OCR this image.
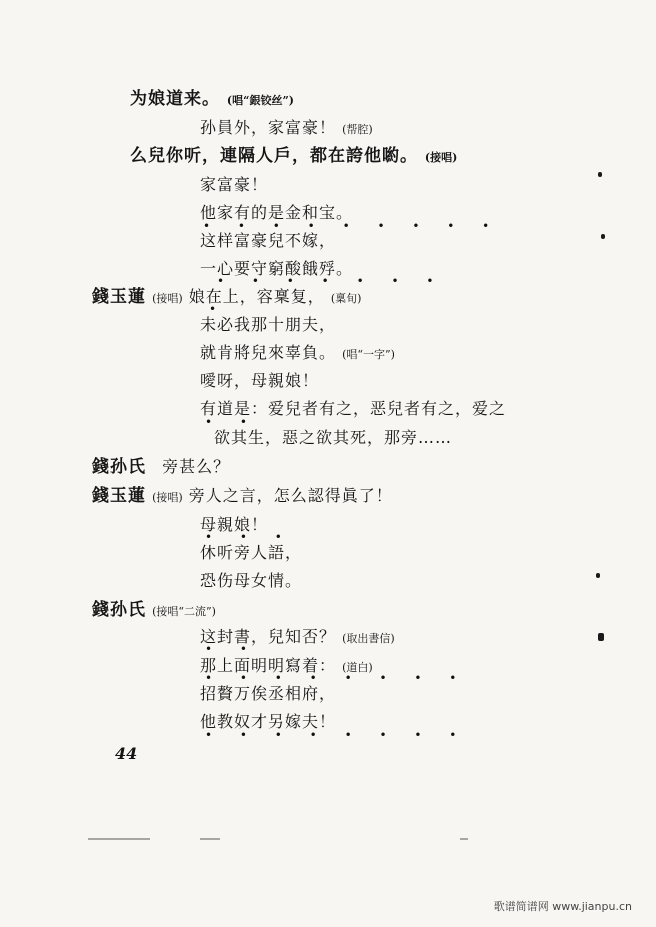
为娘道来。 (唱“銀铰丝”)
孙員外，家富豪！ (帮腔)
么兒你听，連隔人戶，都在誇他喲。 (接唱)
家富豪！
他家有的是金和宝。
• • • • • • • • •
这样富豪兒不嫁，
一心要守窮酸餓殍。
• • • • • • •
錢玉蓮 (接唱) 娘在上，容稟复， (稟旬)
•
未必我那十朋夫，
就肯將兒來辜負。 (唱“一字”)
噯呀，母親娘！
有道是：爱兒者有之，恶兒者有之，爱之
• •
欲其生，惡之欲其死，那旁……
錢孙氏 旁甚么？
錢玉蓮 (接唱) 旁人之言，怎么認得眞了！
母親娘！
• • •
休听旁人語，
恐伤母女情。
錢孙氏 (接唱“二流”)
这封書，兒知否？ (取出書信)
• •
那上面明明寫着： (道白)
• • • • • • • •
招贅万俟丞相府，
他教奴才另嫁夫！
• • • • • • • •
44
歌谱简谱网 www.jianpu.cn
